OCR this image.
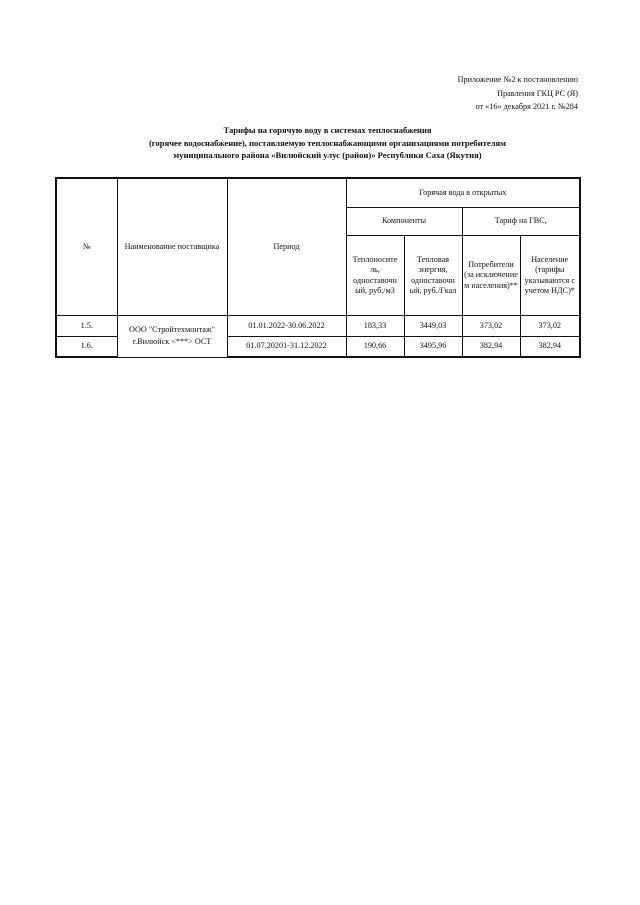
Приложение №2 к постановлению
Правления ГКЦ РС (Я)
от «16» декабря 2021 г. №284
Тарифы на горячую воду в системах теплоснабжения
(горячее водоснабжение), поставляемую теплоснабжающими организациями потребителям
муниципального района «Вилюйский улус (район)» Республики Саха (Якутия)
№	Наименование поставщика	Период	Горячая вода в открытых			
			Компоненты		Тариф на ГВС,	
			Теплоносите ль, одноставочн ый, руб./м3	Тепловая энергия, одноставочн ый, руб./Гкал	Потребители (за исключение м населения)**	Население (тарифы указываются с учетом НДС)*
1.5.	ООО "Стройтехмонтаж" г.Вилюйск <***> ОСТ	01.01.2022-30.06.2022	183,33	3449,03	373,02	373,02
1.6.		01.07.20201-31.12.2022	190,66	3495,96	382,94	382,94
